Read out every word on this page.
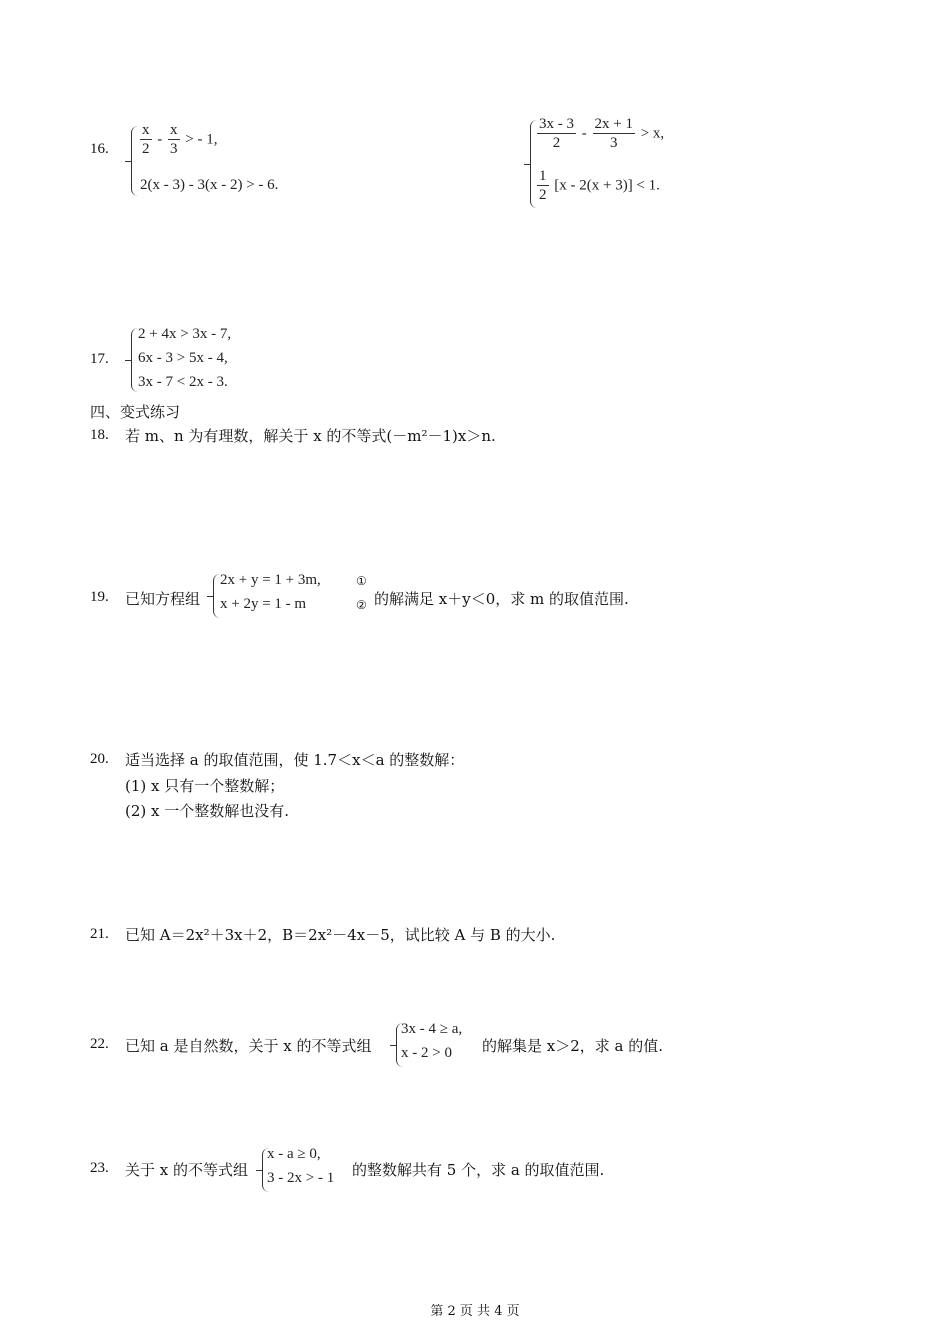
16. $\frac{x}{2} - \frac{x}{3}$ > - 1,
2(x - 3) - 3(x - 2) > - 6.
$\frac{3x - 3}{2} - \frac{2x + 1}{3} > x$,
$\frac{1}{2} [x - 2(x + 3)] < 1$.
17.
2 + 4x > 3x - 7,
6x - 3 > 5x - 4,
3x - 7 < 2x - 3.
四、变式练习
18. 若 m、n 为有理数，解关于 x 的不等式(－m²－1)x＞n.
19. 已知方程组
2x + y = 1 + 3m,	①
x + 2y = 1 - m	② 的解满足 x＋y＜0，求 m 的取值范围.
20. 适当选择 a 的取值范围，使 1.7＜x＜a 的整数解：
(1) x 只有一个整数解；
(2) x 一个整数解也没有.
21. 已知 A＝2x²＋3x＋2，B＝2x²－4x－5，试比较 A 与 B 的大小.
22. 已知 a 是自然数，关于 x 的不等式组
3x - 4 ≥ a,
x - 2 > 0 的解集是 x＞2，求 a 的值.
23. 关于 x 的不等式组
x - a ≥ 0,
3 - 2x > - 1 的整数解共有 5 个，求 a 的取值范围.
第 2 页 共 4 页
